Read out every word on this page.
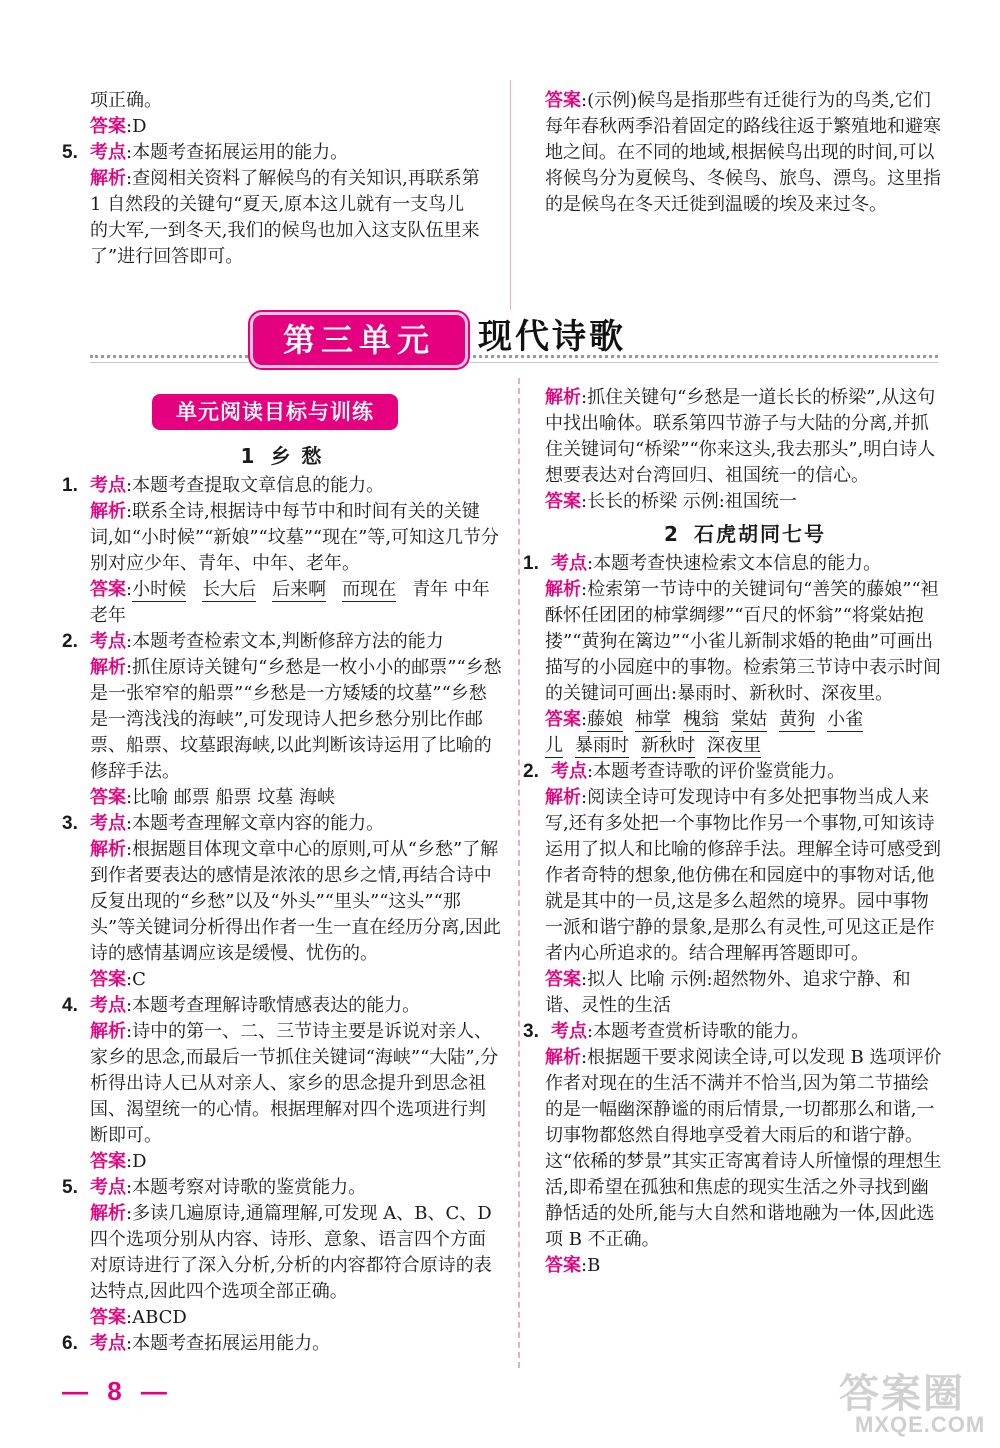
项正确。
答案:D
5. 考点:本题考查拓展运用的能力。
解析:查阅相关资料了解候鸟的有关知识,再联系第 1 自然段的关键句“夏天,原本这儿就有一支鸟儿的大军,一到冬天,我们的候鸟也加入这支队伍里来了”进行回答即可。
答案:(示例)候鸟是指那些有迁徙行为的鸟类,它们每年春秋两季沿着固定的路线往返于繁殖地和避寒地之间。在不同的地域,根据候鸟出现的时间,可以将候鸟分为夏候鸟、冬候鸟、旅鸟、漂鸟。这里指的是候鸟在冬天迁徙到温暖的埃及来过冬。
第三单元	现代诗歌
单元阅读目标与训练
1 乡 愁
1. 考点:本题考查提取文章信息的能力。
解析:联系全诗,根据诗中每节中和时间有关的关键词,如“小时候”“新娘”“坟墓”“现在”等,可知这几节分别对应少年、青年、中年、老年。
答案:小时候 长大后 后来啊 而现在 青年 中年 老年
2. 考点:本题考查检索文本,判断修辞方法的能力
解析:抓住原诗关键句“乡愁是一枚小小的邮票”“乡愁是一张窄窄的船票”“乡愁是一方矮矮的坟墓”“乡愁是一湾浅浅的海峡”,可发现诗人把乡愁分别比作邮票、船票、坟墓跟海峡,以此判断该诗运用了比喻的修辞手法。
答案:比喻 邮票 船票 坟墓 海峡
3. 考点:本题考查理解文章内容的能力。
解析:根据题目体现文章中心的原则,可从“乡愁”了解到作者要表达的感情是浓浓的思乡之情,再结合诗中反复出现的“乡愁”以及“外头”“里头”“这头”“那头”等关键词分析得出作者一生一直在经历分离,因此诗的感情基调应该是缓慢、忧伤的。
答案:C
4. 考点:本题考查理解诗歌情感表达的能力。
解析:诗中的第一、二、三节诗主要是诉说对亲人、家乡的思念,而最后一节抓住关键词“海峡”“大陆”,分析得出诗人已从对亲人、家乡的思念提升到思念祖国、渴望统一的心情。根据理解对四个选项进行判断即可。
答案:D
5. 考点:本题考察对诗歌的鉴赏能力。
解析:多读几遍原诗,通篇理解,可发现 A、B、C、D 四个选项分别从内容、诗形、意象、语言四个方面对原诗进行了深入分析,分析的内容都符合原诗的表达特点,因此四个选项全部正确。
答案:ABCD
6. 考点:本题考查拓展运用能力。
解析:抓住关键句“乡愁是一道长长的桥梁”,从这句中找出喻体。联系第四节游子与大陆的分离,并抓住关键词句“桥梁”“你来这头,我去那头”,明白诗人想要表达对台湾回归、祖国统一的信心。
答案:长长的桥梁 示例:祖国统一
2 石虎胡同七号
1. 考点:本题考查快速检索文本信息的能力。
解析:检索第一节诗中的关键词句“善笑的藤娘”“袒酥怀任团团的柿掌绸缪”“百尺的怀翁”“将棠姑抱搂”“黄狗在篱边”“小雀儿新制求婚的艳曲”可画出描写的小园庭中的事物。检索第三节诗中表示时间的关键词可画出:暴雨时、新秋时、深夜里。
答案:藤娘 柿掌 槐翁 棠姑 黄狗 小雀
儿 暴雨时 新秋时 深夜里
2. 考点:本题考查诗歌的评价鉴赏能力。
解析:阅读全诗可发现诗中有多处把事物当成人来写,还有多处把一个事物比作另一个事物,可知该诗运用了拟人和比喻的修辞手法。理解全诗可感受到作者奇特的想象,他仿佛在和园庭中的事物对话,他就是其中的一员,这是多么超然的境界。园中事物一派和谐宁静的景象,是那么有灵性,可见这正是作者内心所追求的。结合理解再答题即可。
答案:拟人 比喻 示例:超然物外、追求宁静、和谐、灵性的生活
3. 考点:本题考查赏析诗歌的能力。
解析:根据题干要求阅读全诗,可以发现 B 选项评价作者对现在的生活不满并不恰当,因为第二节描绘的是一幅幽深静谧的雨后情景,一切都那么和谐,一切事物都悠然自得地享受着大雨后的和谐宁静。这“依稀的梦景”其实正寄寓着诗人所憧憬的理想生活,即希望在孤独和焦虑的现实生活之外寻找到幽静恬适的处所,能与大自然和谐地融为一体,因此选项 B 不正确。
答案:B
— 8 —	答案圈
MXQE.COM
